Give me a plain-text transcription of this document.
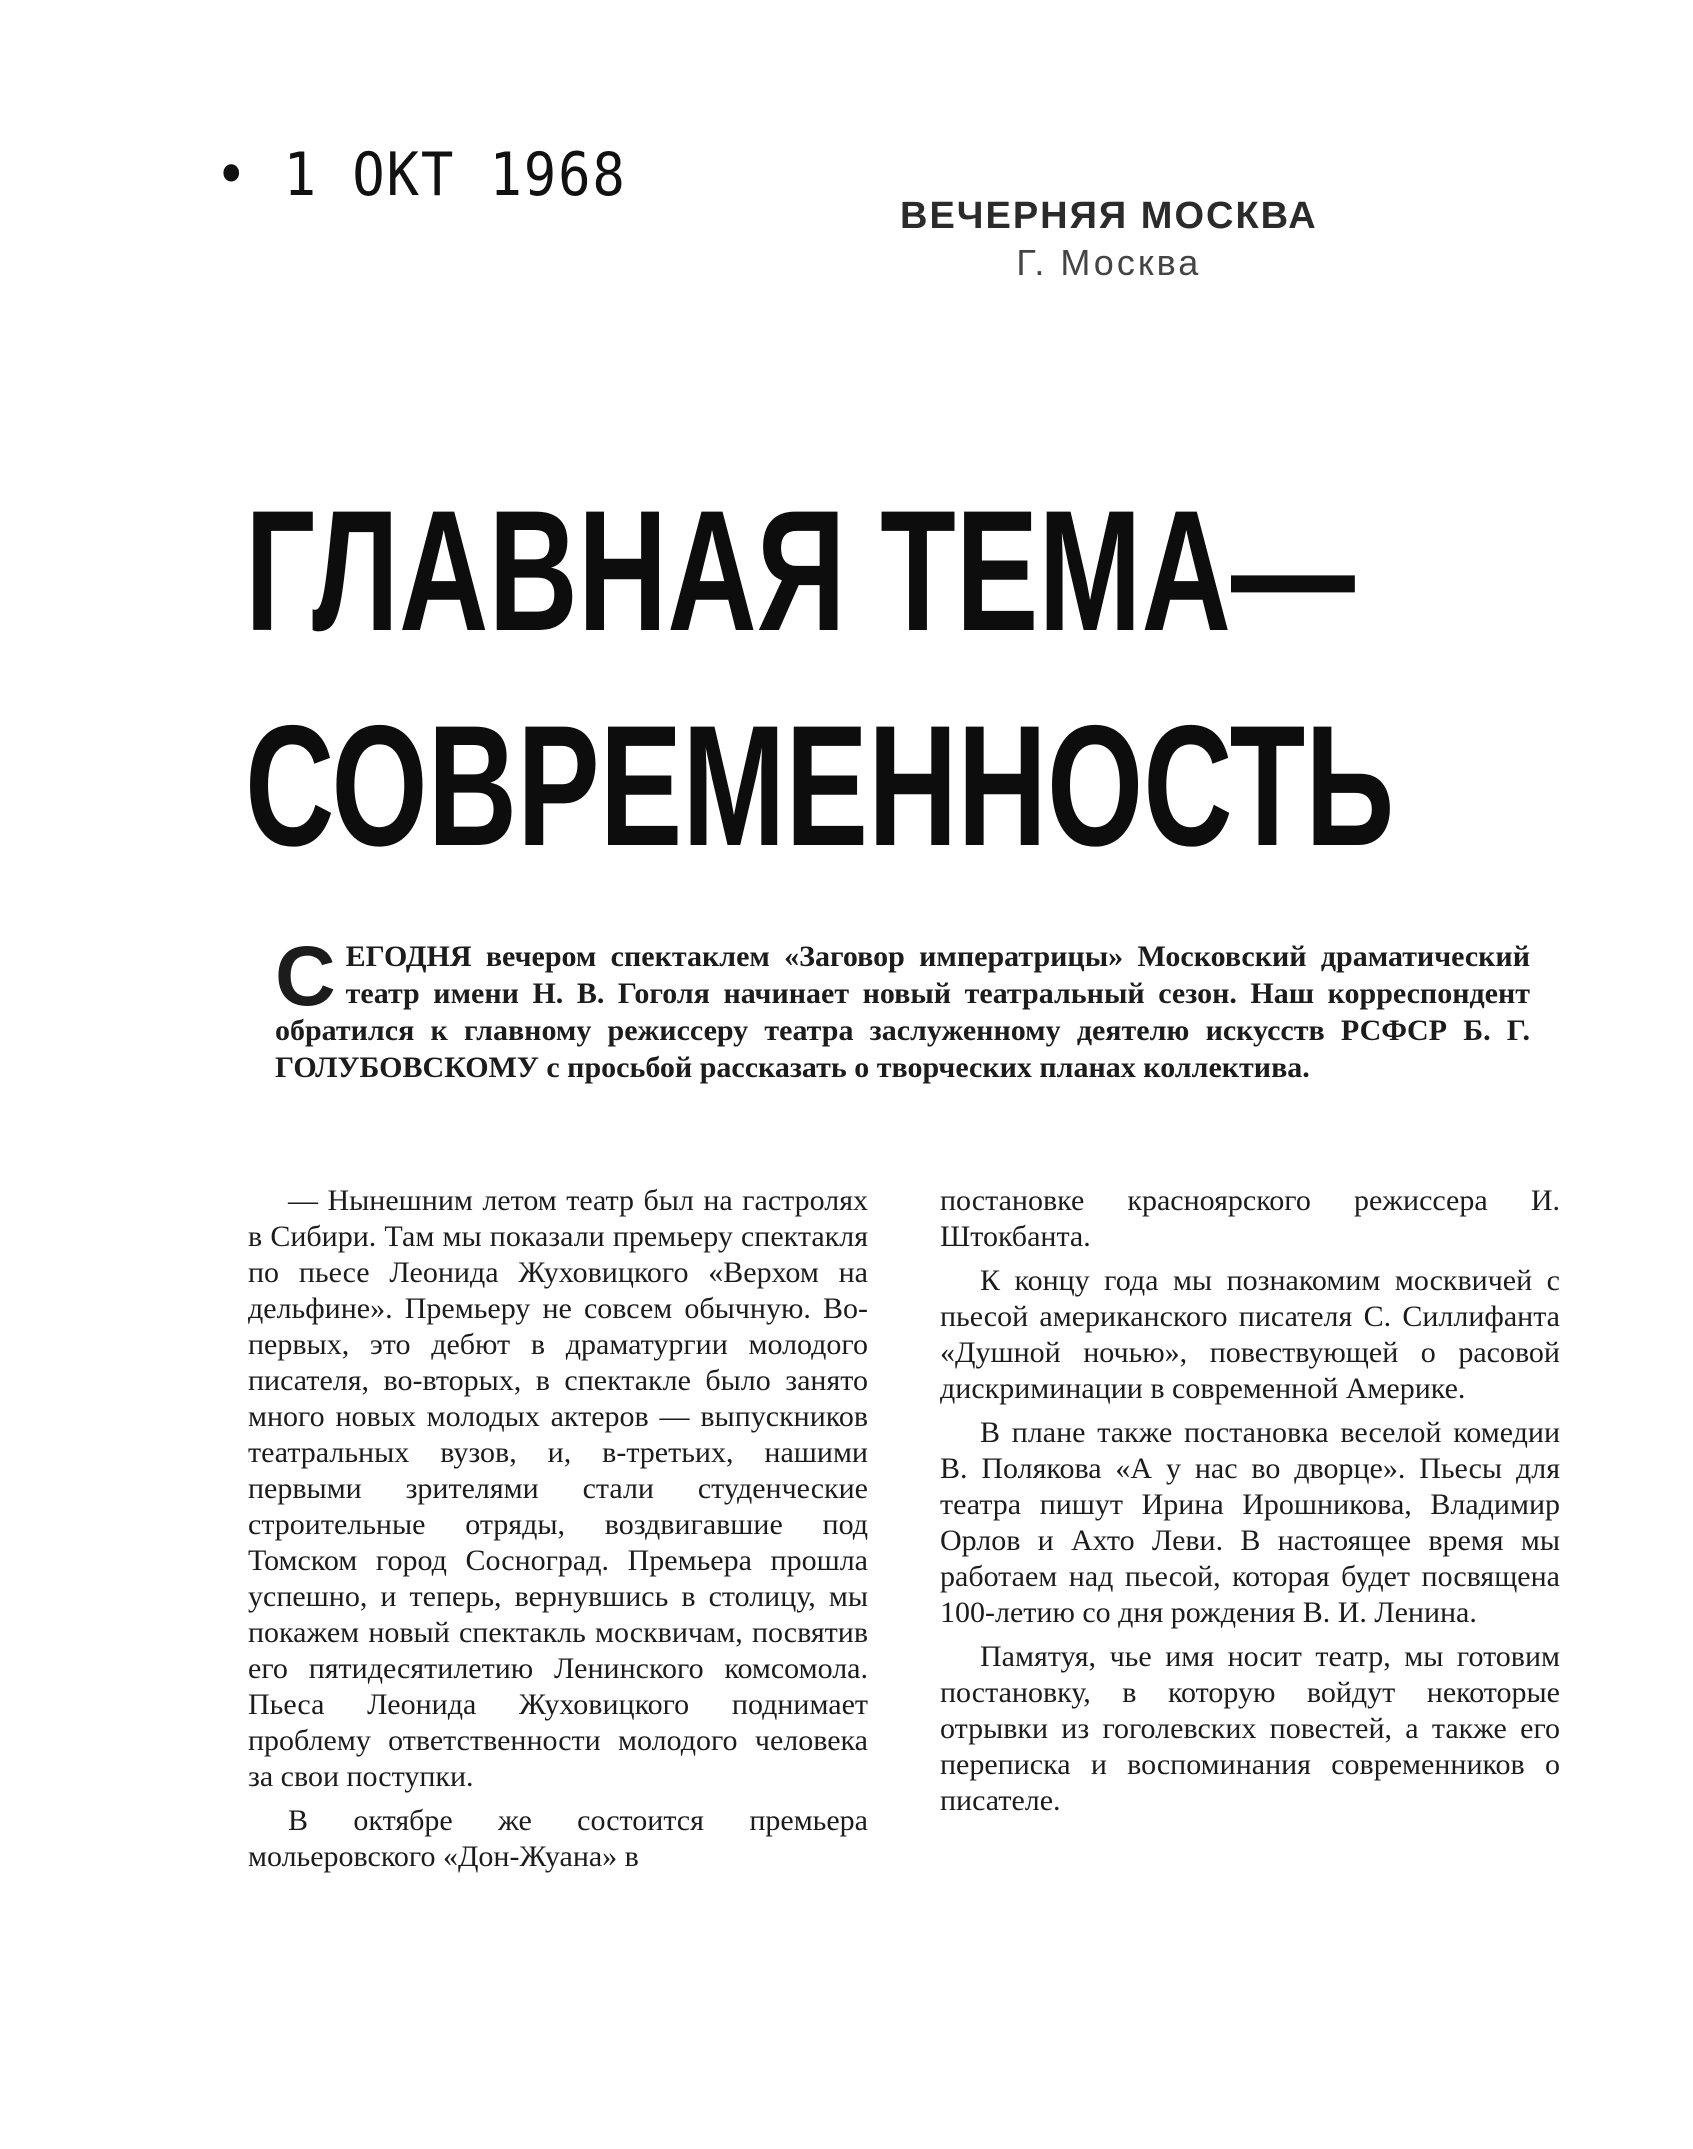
• 1 ОКТ 1968
ВЕЧЕРНЯЯ МОСКВА
Г. Москва
ГЛАВНАЯ ТЕМА—
СОВРЕМЕННОСТЬ
СЕГОДНЯ вечером спектаклем «Заговор императрицы» Московский драматический театр имени Н. В. Гоголя начинает новый театральный сезон. Наш корреспондент обратился к главному режиссеру театра заслуженному деятелю искусств РСФСР Б. Г. ГОЛУБОВСКОМУ с просьбой рассказать о творческих планах коллектива.

— Нынешним летом театр был на гастролях в Сибири. Там мы показали премьеру спектакля по пьесе Леонида Жуховицкого «Верхом на дельфине». Премьеру не совсем обычную. Во-первых, это дебют в драматургии молодого писателя, во-вторых, в спектакле было занято много новых молодых актеров — выпускников театральных вузов, и, в-третьих, нашими первыми зрителями стали студенческие строительные отряды, воздвигавшие под Томском город Сосноград. Премьера прошла успешно, и теперь, вернувшись в столицу, мы покажем новый спектакль москвичам, посвятив его пятидесятилетию Ленинского комсомола. Пьеса Леонида Жуховицкого поднимает проблему ответственности молодого человека за свои поступки.

В октябре же состоится премьера мольеровского «Дон-Жуана» в

постановке красноярского режиссера И. Штокбанта.

К концу года мы познакомим москвичей с пьесой американского писателя С. Силлифанта «Душной ночью», повествующей о расовой дискриминации в современной Америке.

В плане также постановка веселой комедии В. Полякова «А у нас во дворце». Пьесы для театра пишут Ирина Ирошникова, Владимир Орлов и Ахто Леви. В настоящее время мы работаем над пьесой, которая будет посвящена 100-летию со дня рождения В. И. Ленина.

Памятуя, чье имя носит театр, мы готовим постановку, в которую войдут некоторые отрывки из гоголевских повестей, а также его переписка и воспоминания современников о писателе.
